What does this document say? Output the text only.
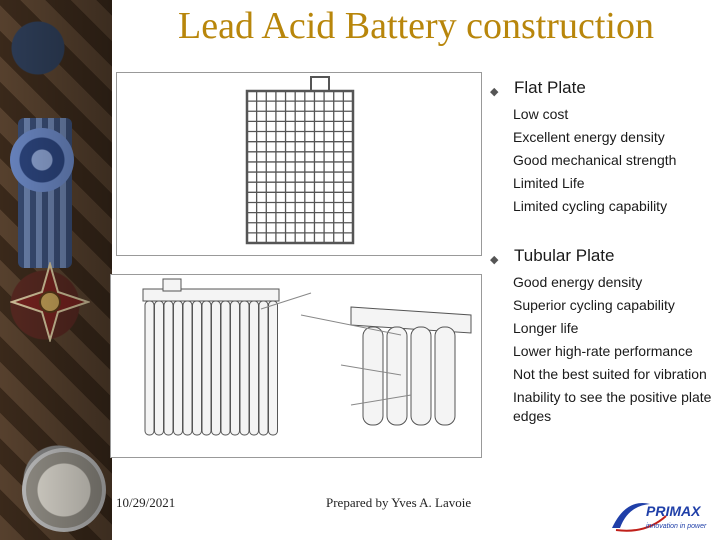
Lead Acid Battery construction
◆ Flat Plate
Low cost
Excellent energy density
Good mechanical strength
Limited Life
Limited cycling capability
◆ Tubular Plate
Good energy density
Superior cycling capability
Longer life
Lower high-rate performance
Not the best suited for vibration
Inability to see the positive plate edges
10/29/2021	Prepared by Yves A. Lavoie
PRIMAX
innovation in power
